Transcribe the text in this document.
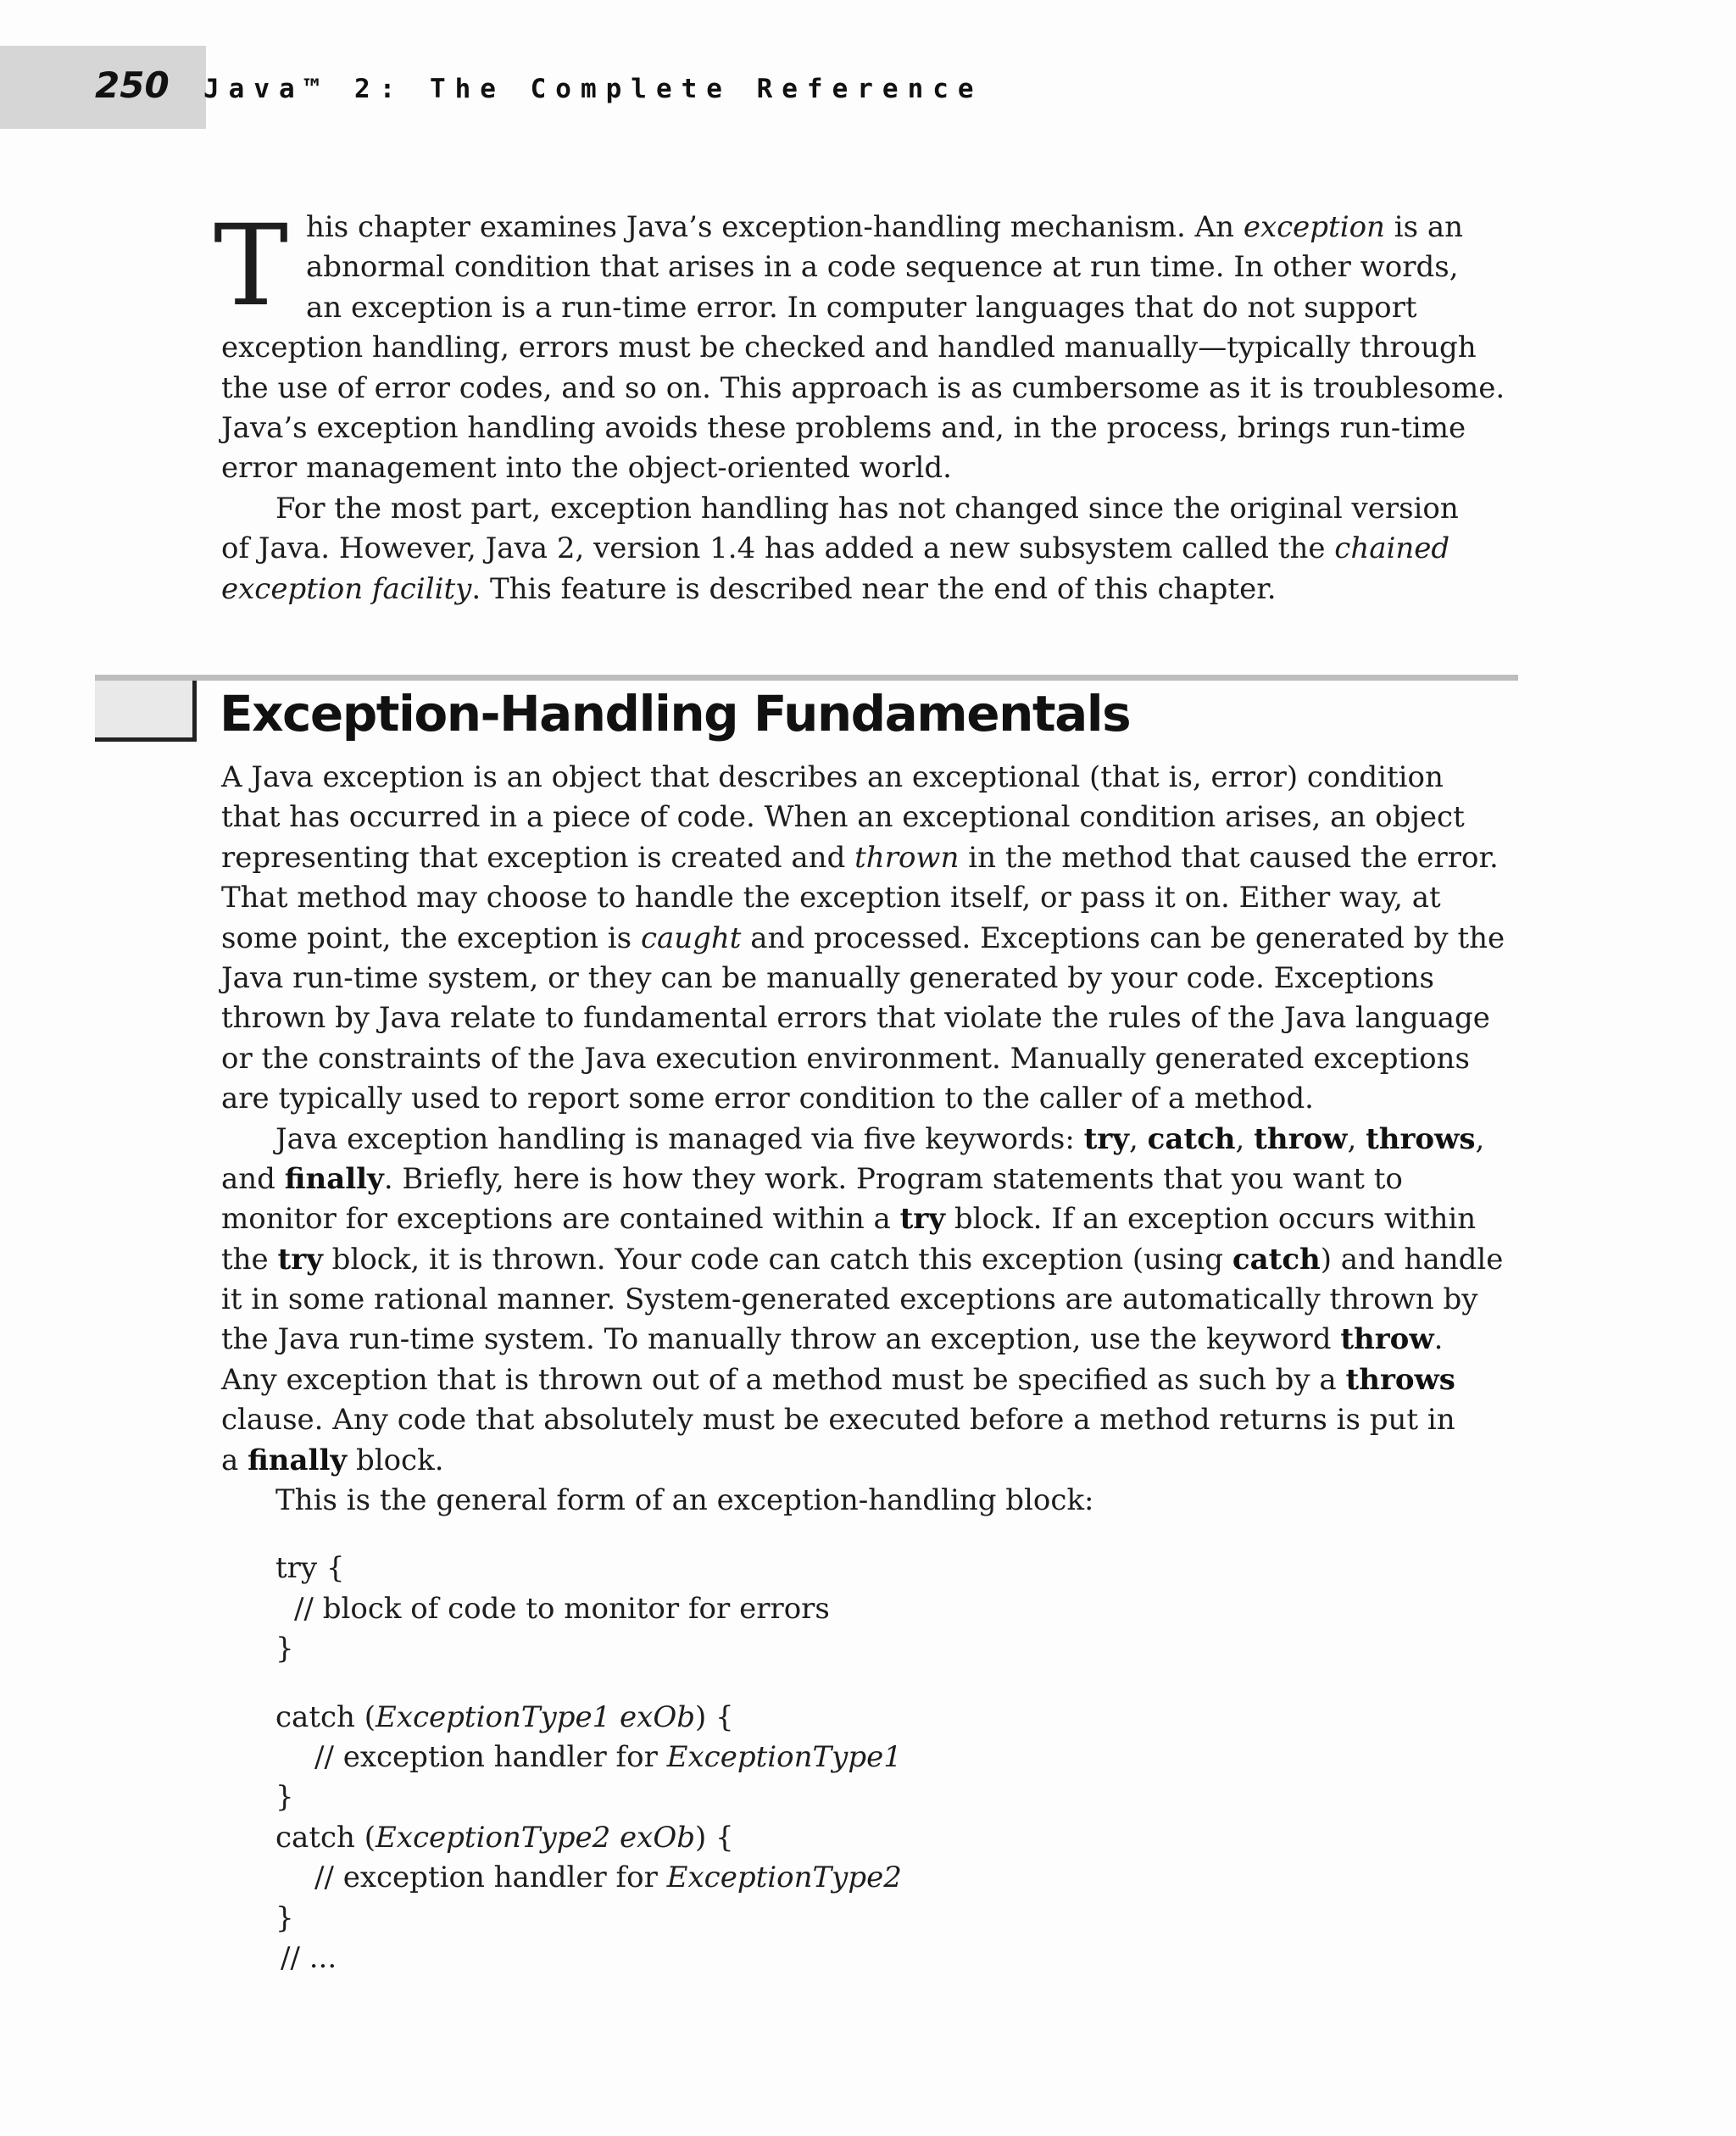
250 Java™ 2: The Complete Reference
T his chapter examines Java’s exception-handling mechanism. An exception is an
abnormal condition that arises in a code sequence at run time. In other words,
an exception is a run-time error. In computer languages that do not support
exception handling, errors must be checked and handled manually—typically through
the use of error codes, and so on. This approach is as cumbersome as it is troublesome.
Java’s exception handling avoids these problems and, in the process, brings run-time
error management into the object-oriented world.
For the most part, exception handling has not changed since the original version
of Java. However, Java 2, version 1.4 has added a new subsystem called the chained
exception facility. This feature is described near the end of this chapter.
Exception-Handling Fundamentals
A Java exception is an object that describes an exceptional (that is, error) condition
that has occurred in a piece of code. When an exceptional condition arises, an object
representing that exception is created and thrown in the method that caused the error.
That method may choose to handle the exception itself, or pass it on. Either way, at
some point, the exception is caught and processed. Exceptions can be generated by the
Java run-time system, or they can be manually generated by your code. Exceptions
thrown by Java relate to fundamental errors that violate the rules of the Java language
or the constraints of the Java execution environment. Manually generated exceptions
are typically used to report some error condition to the caller of a method.
Java exception handling is managed via five keywords: try, catch, throw, throws,
and finally. Briefly, here is how they work. Program statements that you want to
monitor for exceptions are contained within a try block. If an exception occurs within
the try block, it is thrown. Your code can catch this exception (using catch) and handle
it in some rational manner. System-generated exceptions are automatically thrown by
the Java run-time system. To manually throw an exception, use the keyword throw.
Any exception that is thrown out of a method must be specified as such by a throws
clause. Any code that absolutely must be executed before a method returns is put in
a finally block.
This is the general form of an exception-handling block:
try {
// block of code to monitor for errors
}
catch (ExceptionType1 exOb) {
// exception handler for ExceptionType1
}
catch (ExceptionType2 exOb) {
// exception handler for ExceptionType2
}
// ...
